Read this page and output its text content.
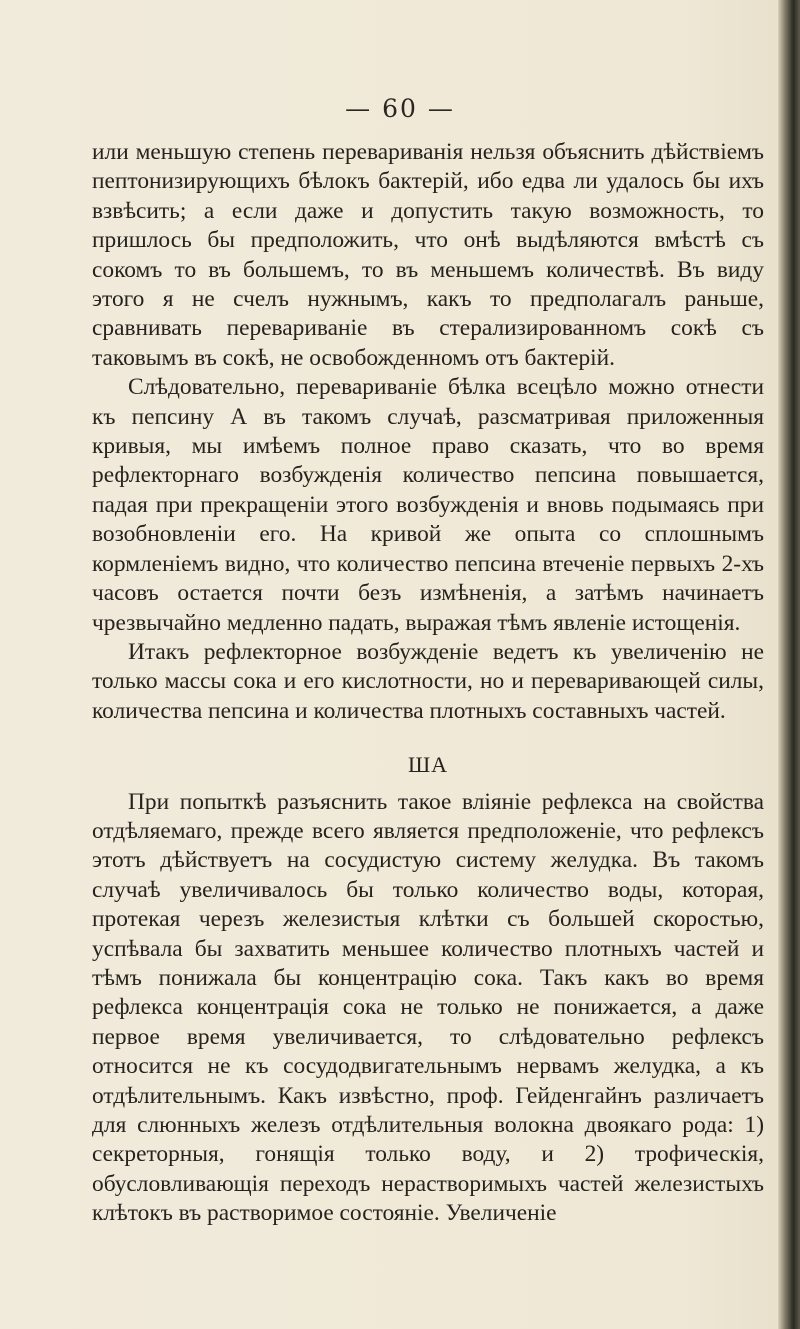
— 60 —

или меньшую степень перевариванія нельзя объяснить дѣйствіемъ пептонизирующихъ бѣлокъ бактерій, ибо едва ли удалось бы ихъ взвѣсить; а если даже и допустить такую возможность, то пришлось бы предположить, что онѣ выдѣляются вмѣстѣ съ сокомъ то въ большемъ, то въ меньшемъ количествѣ. Въ виду этого я не счелъ нужнымъ, какъ то предполагалъ раньше, сравнивать перевариваніе въ стерализированномъ сокѣ съ таковымъ въ сокѣ, не освобожденномъ отъ бактерій.

Слѣдовательно, перевариваніе бѣлка всецѣло можно отнести къ пепсину А въ такомъ случаѣ, разсматривая приложенныя кривыя, мы имѣемъ полное право сказать, что во время рефлекторнаго возбужденія количество пепсина повышается, падая при прекращеніи этого возбужденія и вновь подымаясь при возобновленіи его. На кривой же опыта со сплошнымъ кормленіемъ видно, что количество пепсина втеченіе первыхъ 2-хъ часовъ остается почти безъ измѣненія, а затѣмъ начинаетъ чрезвычайно медленно падать, выражая тѣмъ явленіе истощенія.

Итакъ рефлекторное возбужденіе ведетъ къ увеличенію не только массы сока и его кислотности, но и переваривающей силы, количества пепсина и количества плотныхъ составныхъ частей.

ША

При попыткѣ разъяснить такое вліяніе рефлекса на свойства отдѣляемаго, прежде всего является предположеніе, что рефлексъ этотъ дѣйствуетъ на сосудистую систему желудка. Въ такомъ случаѣ увеличивалось бы только количество воды, которая, протекая черезъ железистыя клѣтки съ большей скоростью, успѣвала бы захватить меньшее количество плотныхъ частей и тѣмъ понижала бы концентрацію сока. Такъ какъ во время рефлекса концентрація сока не только не понижается, а даже первое время увеличивается, то слѣдовательно рефлексъ относится не къ сосудодвигательнымъ нервамъ желудка, а къ отдѣлительнымъ. Какъ извѣстно, проф. Гейденгайнъ различаетъ для слюнныхъ железъ отдѣлительныя волокна двоякаго рода: 1) секреторныя, гонящія только воду, и 2) трофическія, обусловливающія переходъ нерастворимыхъ частей железистыхъ клѣтокъ въ растворимое состояніе. Увеличеніе
